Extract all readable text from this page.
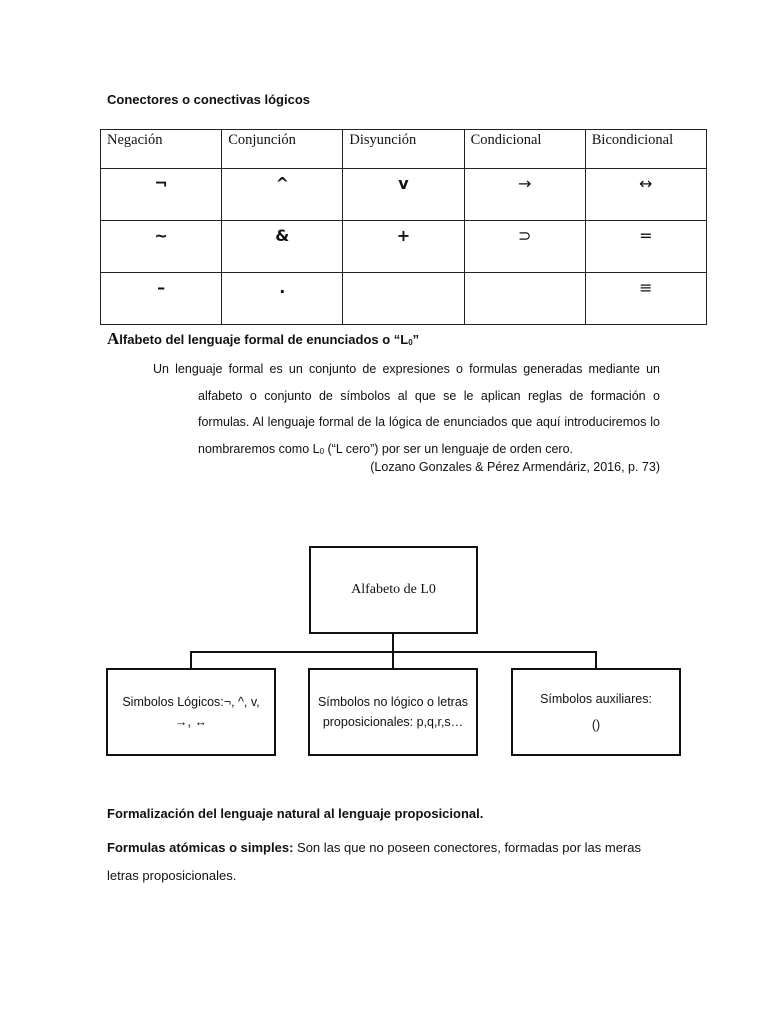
Conectores o conectivas lógicos
Negación	Conjunción	Disyunción	Condicional	Bicondicional
¬	^	v	→	↔
~	&	+	⊃	=
–	.			≡
Alfabeto del lenguaje formal de enunciados o “L0”
Un lenguaje formal es un conjunto de expresiones o formulas generadas mediante un alfabeto o conjunto de símbolos al que se le aplican reglas de formación o formulas. Al lenguaje formal de la lógica de enunciados que aquí introduciremos lo nombraremos como L0 (“L cero”) por ser un lenguaje de orden cero.
(Lozano Gonzales & Pérez Armendáriz, 2016, p. 73)
Alfabeto de L0
Simbolos Lógicos:¬, ^, v, →, ↔
Símbolos no lógico o letras proposicionales: p,q,r,s…
Símbolos auxiliares:
()
Formalización del lenguaje natural al lenguaje proposicional.
Formulas atómicas o simples: Son las que no poseen conectores, formadas por las meras letras proposicionales.
